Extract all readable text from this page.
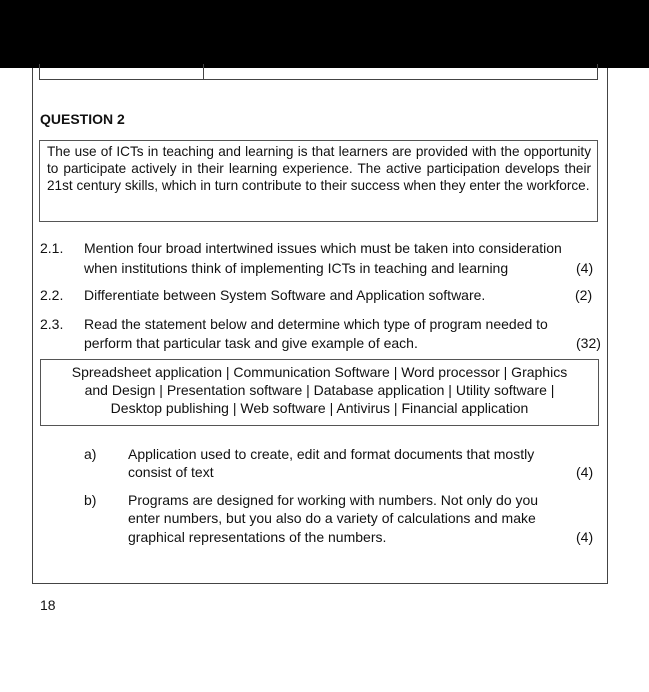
QUESTION 2
The use of ICTs in teaching and learning is that learners are provided with the opportunity to participate actively in their learning experience. The active participation develops their 21st century skills, which in turn contribute to their success when they enter the workforce.
2.1. Mention four broad intertwined issues which must be taken into consideration
when institutions think of implementing ICTs in teaching and learning	(4)
2.2. Differentiate between System Software and Application software.	(2)
2.3. Read the statement below and determine which type of program needed to
perform that particular task and give example of each.	(32)
Spreadsheet application | Communication Software | Word processor | Graphics
and Design | Presentation software | Database application | Utility software |
Desktop publishing | Web software | Antivirus | Financial application
a) Application used to create, edit and format documents that mostly
consist of text	(4)
b) Programs are designed for working with numbers. Not only do you
enter numbers, but you also do a variety of calculations and make
graphical representations of the numbers.	(4)
18
